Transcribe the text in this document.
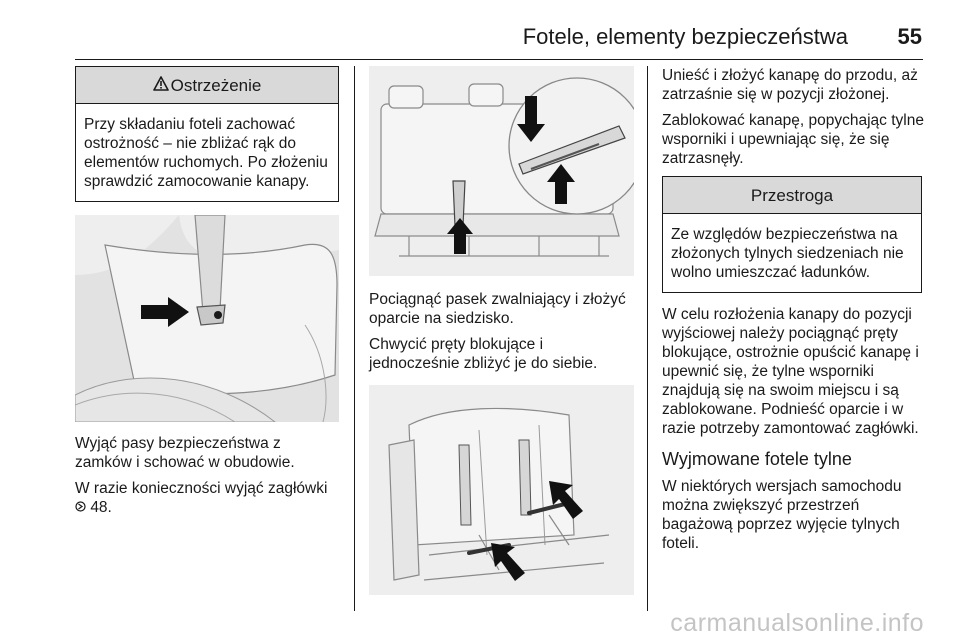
Fotele, elementy bezpieczeństwa 55
Ostrzeżenie
Przy składaniu foteli zachować ostrożność – nie zbliżać rąk do elementów ruchomych. Po złożeniu sprawdzić zamocowanie kanapy.

Wyjąć pasy bezpieczeństwa z zamków i schować w obudowie.

W razie konieczności wyjąć zagłówki  48.

Pociągnąć pasek zwalniający i złożyć oparcie na siedzisko.

Chwycić pręty blokujące i jednocześnie zbliżyć je do siebie.

Unieść i złożyć kanapę do przodu, aż zatrzaśnie się w pozycji złożonej.

Zablokować kanapę, popychając tylne wsporniki i upewniając się, że się zatrzasnęły.

Przestroga
Ze względów bezpieczeństwa na złożonych tylnych siedzeniach nie wolno umieszczać ładunków.

W celu rozłożenia kanapy do pozycji wyjściowej należy pociągnąć pręty blokujące, ostrożnie opuścić kanapę i upewnić się, że tylne wsporniki znajdują się na swoim miejscu i są zablokowane. Podnieść oparcie i w razie potrzeby zamontować zagłówki.

Wyjmowane fotele tylne

W niektórych wersjach samochodu można zwiększyć przestrzeń bagażową poprzez wyjęcie tylnych foteli.

carmanualsonline.info
